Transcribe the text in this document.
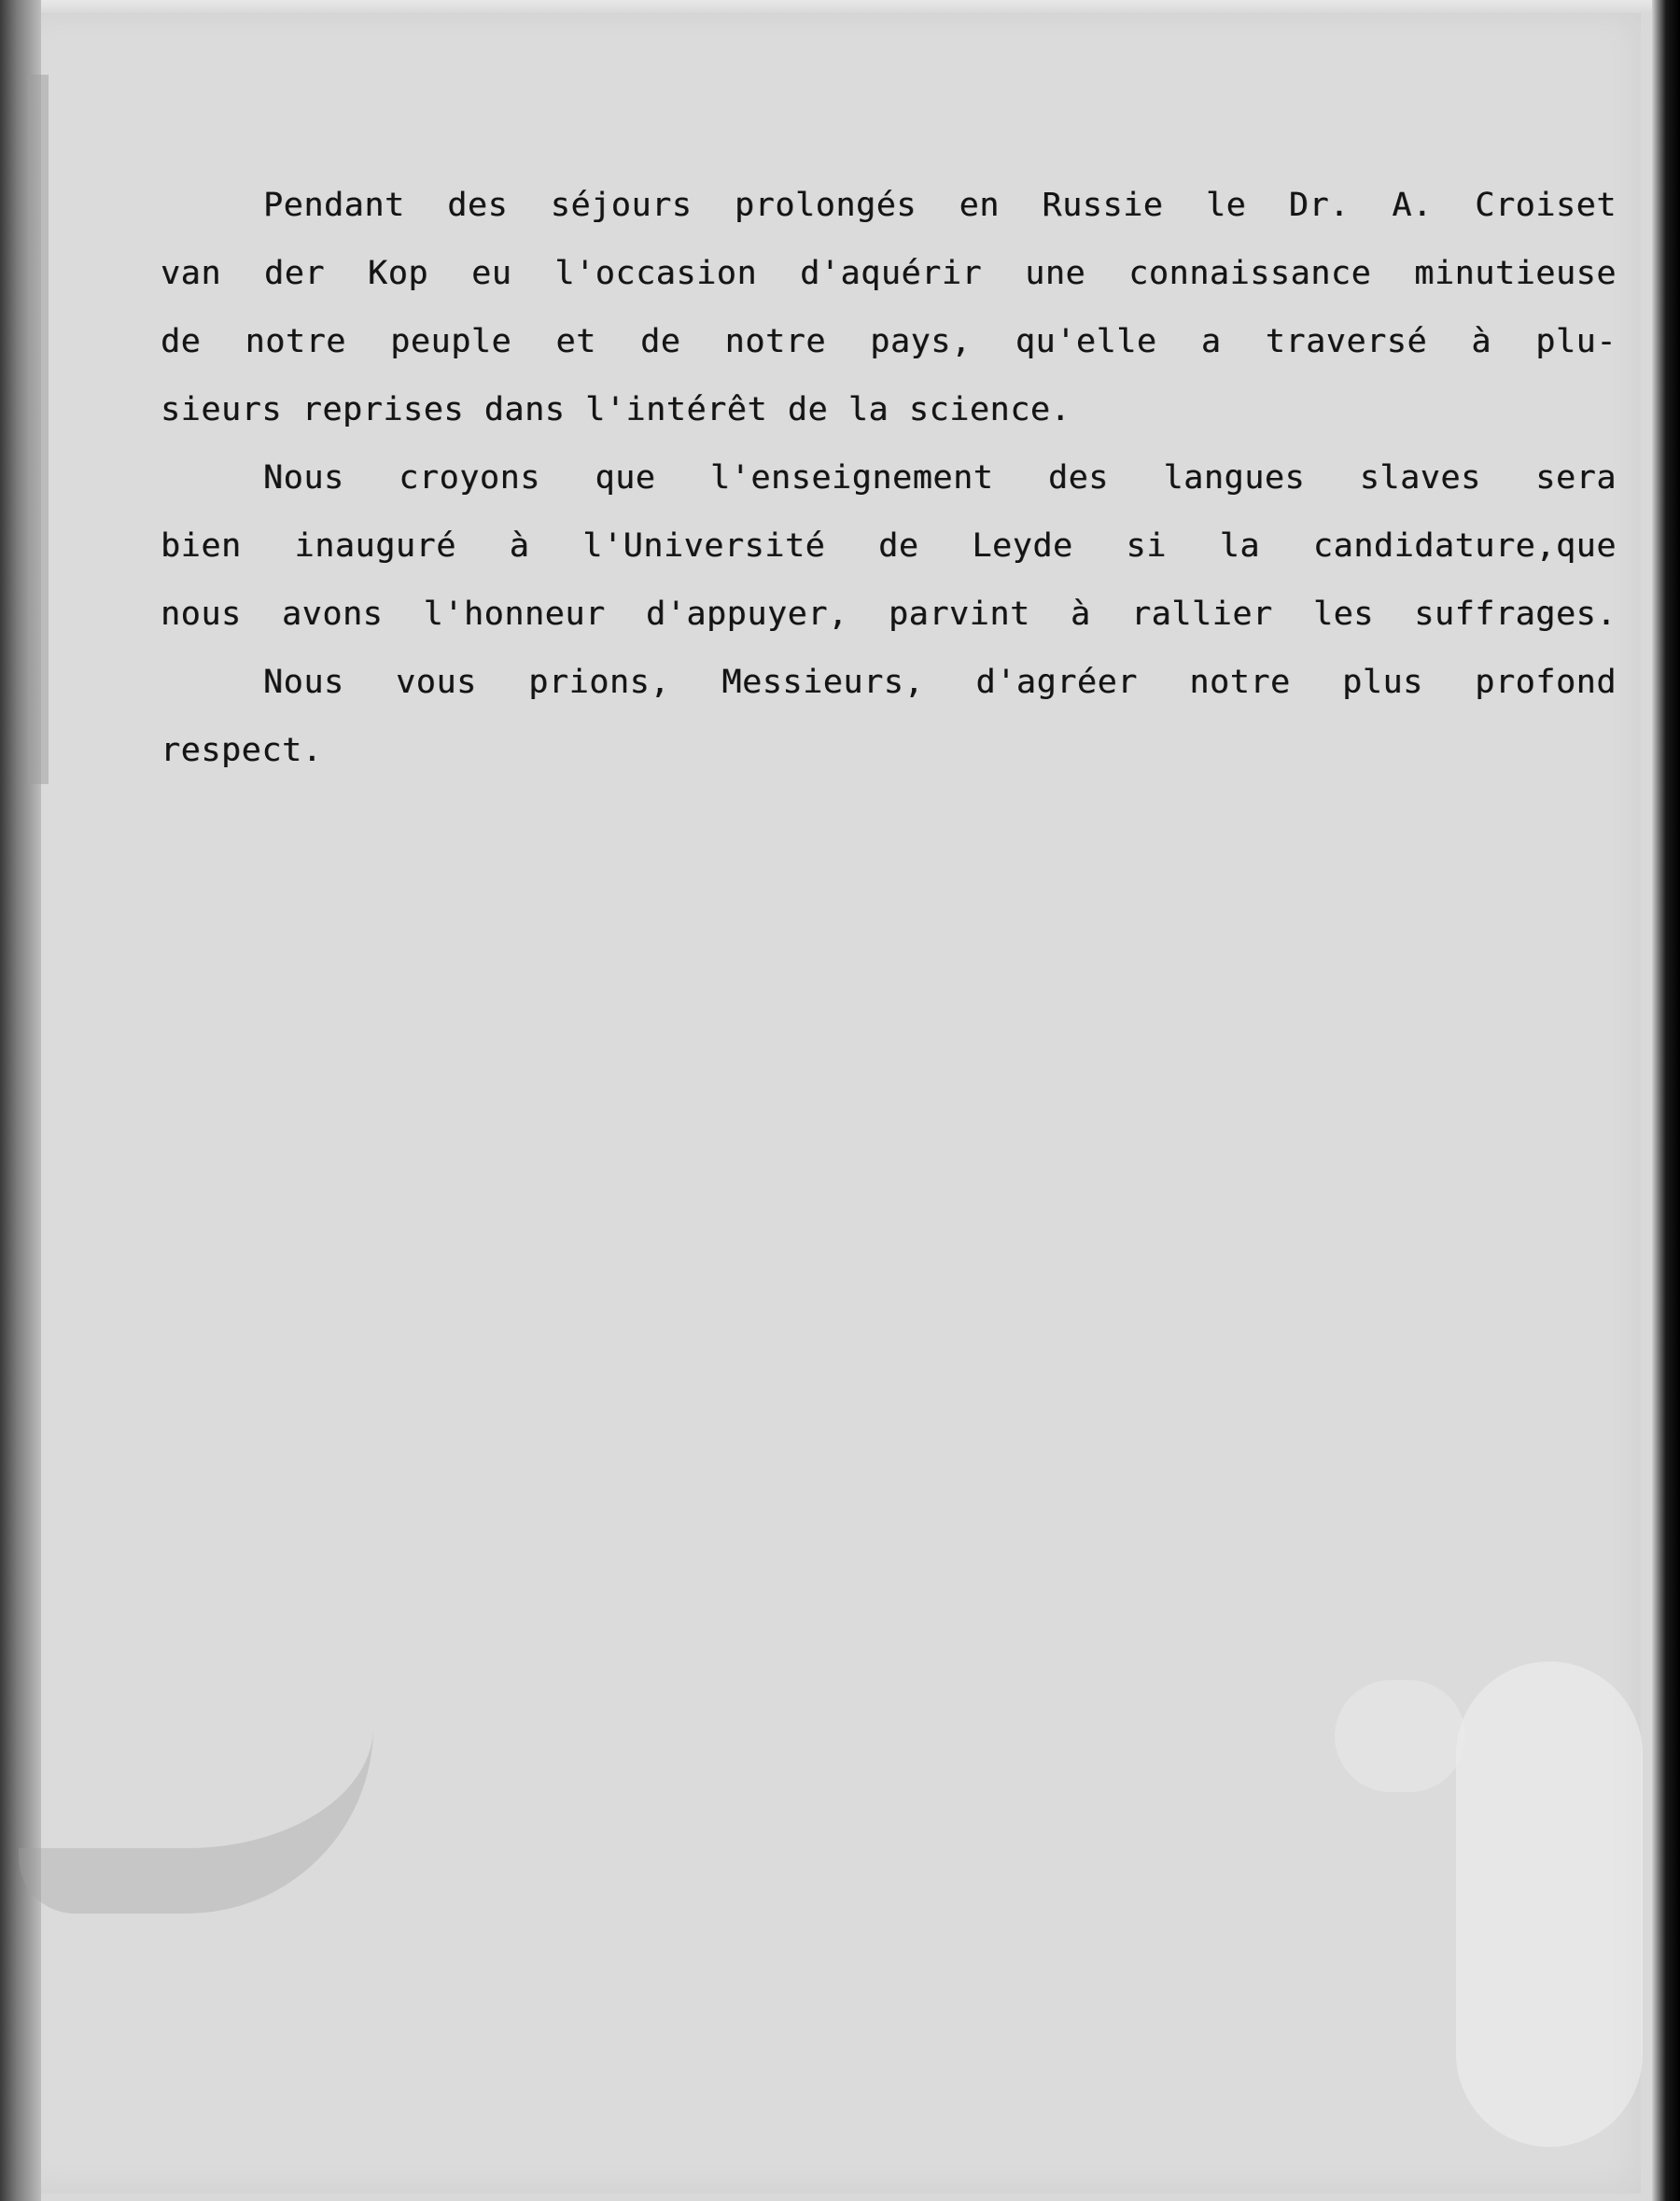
Pendant des séjours prolongés en Russie le Dr. A. Croiset
van der Kop eu l'occasion d'aquérir une connaissance minutieuse
de notre peuple et de notre pays, qu'elle a traversé à plu-
sieurs reprises dans l'intérêt de la science.
Nous croyons que l'enseignement des langues slaves sera
bien inauguré à l'Université de Leyde si la candidature,que
nous avons l'honneur d'appuyer, parvint à rallier les suffrages.
Nous vous prions, Messieurs, d'agréer notre plus profond
respect.
